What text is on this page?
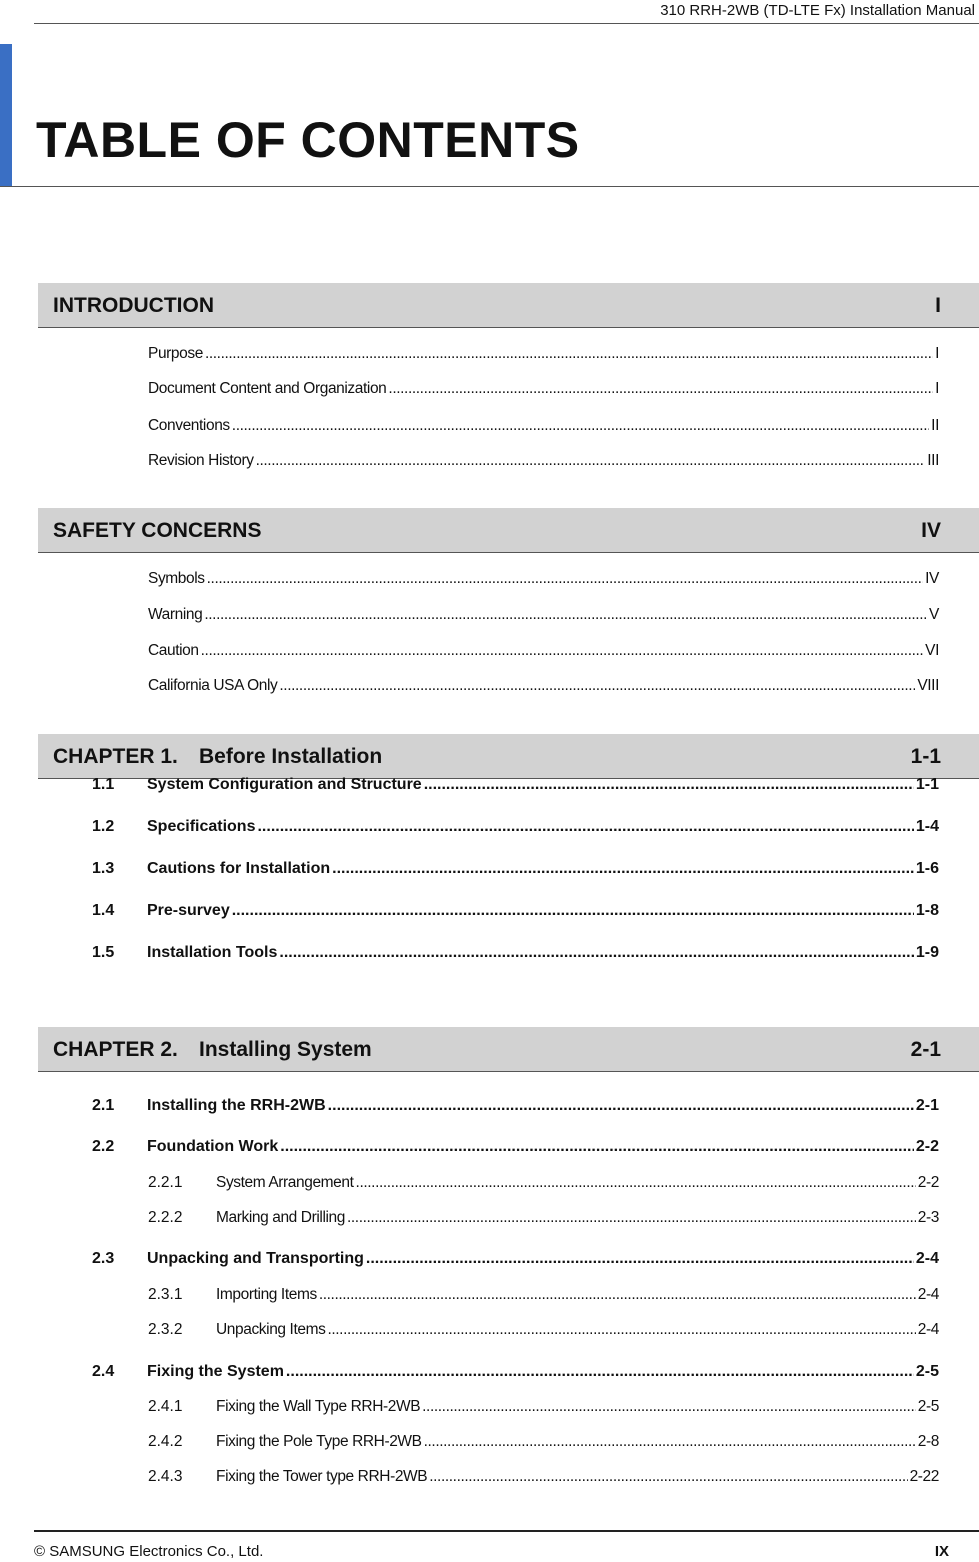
310 RRH-2WB (TD-LTE Fx) Installation Manual
TABLE OF CONTENTS
INTRODUCTION	I
Purpose .....	I
Document Content and Organization .....	I
Conventions .....	II
Revision History .....	III
SAFETY CONCERNS	IV
Symbols .....	IV
Warning .....	V
Caution .....	VI
California USA Only .....	VIII
CHAPTER 1. Before Installation	1-1
1.1	System Configuration and Structure .....	1-1
1.2	Specifications .....	1-4
1.3	Cautions for Installation .....	1-6
1.4	Pre-survey .....	1-8
1.5	Installation Tools .....	1-9
CHAPTER 2. Installing System	2-1
2.1	Installing the RRH-2WB .....	2-1
2.2	Foundation Work .....	2-2
2.2.1	System Arrangement .....	2-2
2.2.2	Marking and Drilling .....	2-3
2.3	Unpacking and Transporting .....	2-4
2.3.1	Importing Items .....	2-4
2.3.2	Unpacking Items .....	2-4
2.4	Fixing the System .....	2-5
2.4.1	Fixing the Wall Type RRH-2WB .....	2-5
2.4.2	Fixing the Pole Type RRH-2WB .....	2-8
2.4.3	Fixing the Tower type RRH-2WB .....	2-22
© SAMSUNG Electronics Co., Ltd.	IX
